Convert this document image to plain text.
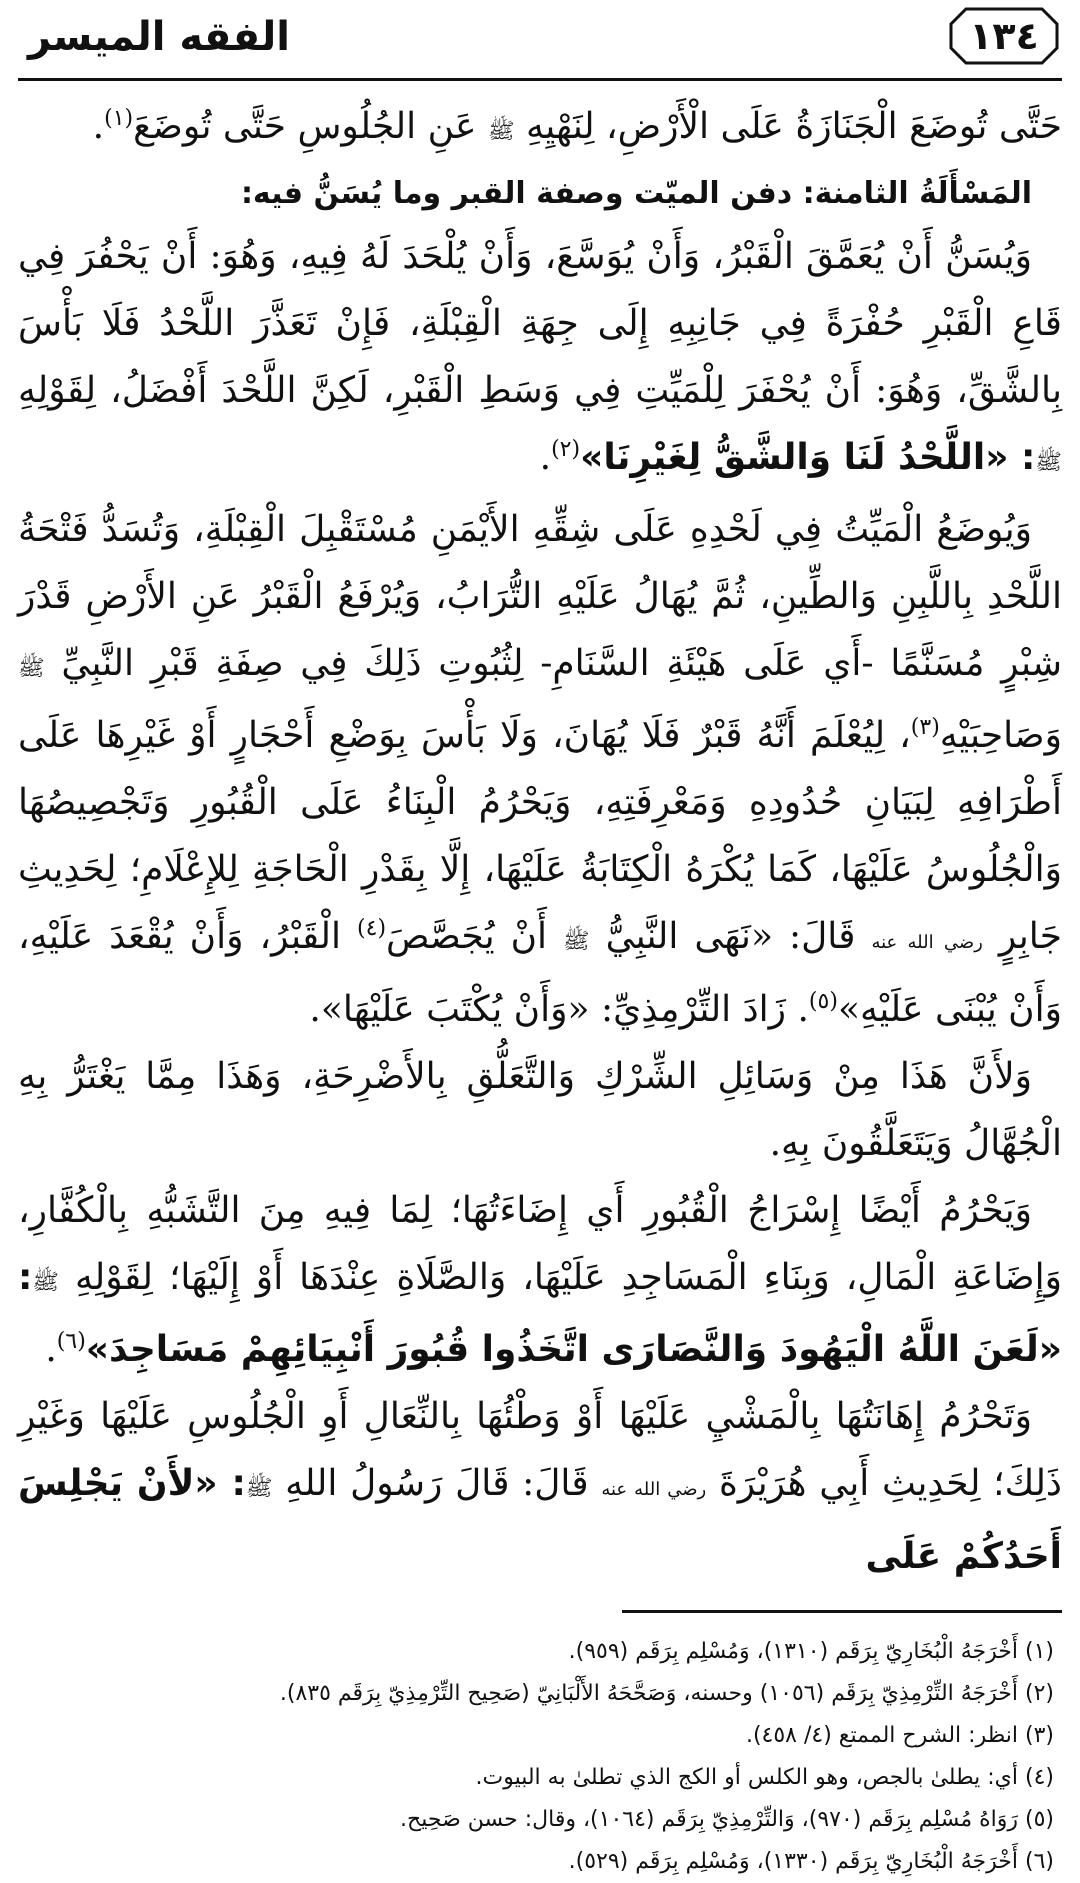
الفقه الميسر	١٣٤

حَتَّى تُوضَعَ الْجَنَازَةُ عَلَى الْأَرْضِ، لِنَهْيِهِ ﷺ عَنِ الجُلُوسِ حَتَّى تُوضَعَ$^{(١)}$.

المَسْأَلَةُ الثامنة: دفن الميّت وصفة القبر وما يُسَنُّ فيه:

وَيُسَنُّ أَنْ يُعَمَّقَ الْقَبْرُ، وَأَنْ يُوَسَّعَ، وَأَنْ يُلْحَدَ لَهُ فِيهِ، وَهُوَ: أَنْ يَحْفُرَ فِي قَاعِ الْقَبْرِ حُفْرَةً فِي جَانِبِهِ إِلَى جِهَةِ الْقِبْلَةِ، فَإِنْ تَعَذَّرَ اللَّحْدُ فَلَا بَأْسَ بِالشَّقِّ، وَهُوَ: أَنْ يُحْفَرَ لِلْمَيِّتِ فِي وَسَطِ الْقَبْرِ، لَكِنَّ اللَّحْدَ أَفْضَلُ، لِقَوْلِهِ ﷺ: «اللَّحْدُ لَنَا وَالشَّقُّ لِغَيْرِنَا»$^{(٢)}$.

وَيُوضَعُ الْمَيِّتُ فِي لَحْدِهِ عَلَى شِقِّهِ الأَيْمَنِ مُسْتَقْبِلَ الْقِبْلَةِ، وَتُسَدُّ فَتْحَةُ اللَّحْدِ بِاللَّبِنِ وَالطِّينِ، ثُمَّ يُهَالُ عَلَيْهِ التُّرَابُ، وَيُرْفَعُ الْقَبْرُ عَنِ الأَرْضِ قَدْرَ شِبْرٍ مُسَنَّمًا -أَي عَلَى هَيْئَةِ السَّنَامِ- لِثُبُوتِ ذَلِكَ فِي صِفَةِ قَبْرِ النَّبِيِّ ﷺ وَصَاحِبَيْهِ$^{(٣)}$، لِيُعْلَمَ أَنَّهُ قَبْرٌ فَلَا يُهَانَ، وَلَا بَأْسَ بِوَضْعِ أَحْجَارٍ أَوْ غَيْرِهَا عَلَى أَطْرَافِهِ لِبَيَانِ حُدُودِهِ وَمَعْرِفَتِهِ، وَيَحْرُمُ الْبِنَاءُ عَلَى الْقُبُورِ وَتَجْصِيصُهَا وَالْجُلُوسُ عَلَيْهَا، كَمَا يُكْرَهُ الْكِتَابَةُ عَلَيْهَا، إِلَّا بِقَدْرِ الْحَاجَةِ لِلإِعْلَامِ؛ لِحَدِيثِ جَابِرٍ رضي الله عنه قَالَ: «نَهَى النَّبِيُّ ﷺ أَنْ يُجَصَّصَ$^{(٤)}$ الْقَبْرُ، وَأَنْ يُقْعَدَ عَلَيْهِ، وَأَنْ يُبْنَى عَلَيْهِ»$^{(٥)}$. زَادَ التِّرْمِذِيِّ: «وَأَنْ يُكْتَبَ عَلَيْهَا».

وَلأَنَّ هَذَا مِنْ وَسَائِلِ الشِّرْكِ وَالتَّعَلُّقِ بِالأَضْرِحَةِ، وَهَذَا مِمَّا يَغْتَرُّ بِهِ الْجُهَّالُ وَيَتَعَلَّقُونَ بِهِ.

وَيَحْرُمُ أَيْضًا إِسْرَاجُ الْقُبُورِ أَي إِضَاءَتُهَا؛ لِمَا فِيهِ مِنَ التَّشَبُّهِ بِالْكُفَّارِ، وَإِضَاعَةِ الْمَالِ، وَبِنَاءِ الْمَسَاجِدِ عَلَيْهَا، وَالصَّلَاةِ عِنْدَهَا أَوْ إِلَيْهَا؛ لِقَوْلِهِ ﷺ: «لَعَنَ اللَّهُ الْيَهُودَ وَالنَّصَارَى اتَّخَذُوا قُبُورَ أَنْبِيَائِهِمْ مَسَاجِدَ»$^{(٦)}$.

وَتَحْرُمُ إِهَانَتُهَا بِالْمَشْيِ عَلَيْهَا أَوْ وَطْئُهَا بِالنِّعَالِ أَوِ الْجُلُوسِ عَلَيْهَا وَغَيْرِ ذَلِكَ؛ لِحَدِيثِ أَبِي هُرَيْرَةَ رضي الله عنه قَالَ: قَالَ رَسُولُ اللهِ ﷺ: «لأَنْ يَجْلِسَ أَحَدُكُمْ عَلَى

(١) أَخْرَجَهُ الْبُخَارِيّ بِرَقَم (١٣١٠)، وَمُسْلِم بِرَقَم (٩٥٩).

(٢) أَخْرَجَهُ التِّرْمِذِيّ بِرَقَم (١٠٥٦) وحسنه، وَصَحَّحَهُ الأَلْبَانِيّ (صَحِيح التِّرْمِذِيّ بِرَقَم ٨٣٥).

(٣) انظر: الشرح الممتع (٤/ ٤٥٨).

(٤) أي: يطلىٰ بالجص، وهو الكلس أو الكج الذي تطلىٰ به البيوت.

(٥) رَوَاهُ مُسْلِم بِرَقَم (٩٧٠)، وَالتِّرْمِذِيّ بِرَقَم (١٠٦٤)، وقال: حسن صَحِيح.

(٦) أَخْرَجَهُ الْبُخَارِيّ بِرَقَم (١٣٣٠)، وَمُسْلِم بِرَقَم (٥٢٩).
